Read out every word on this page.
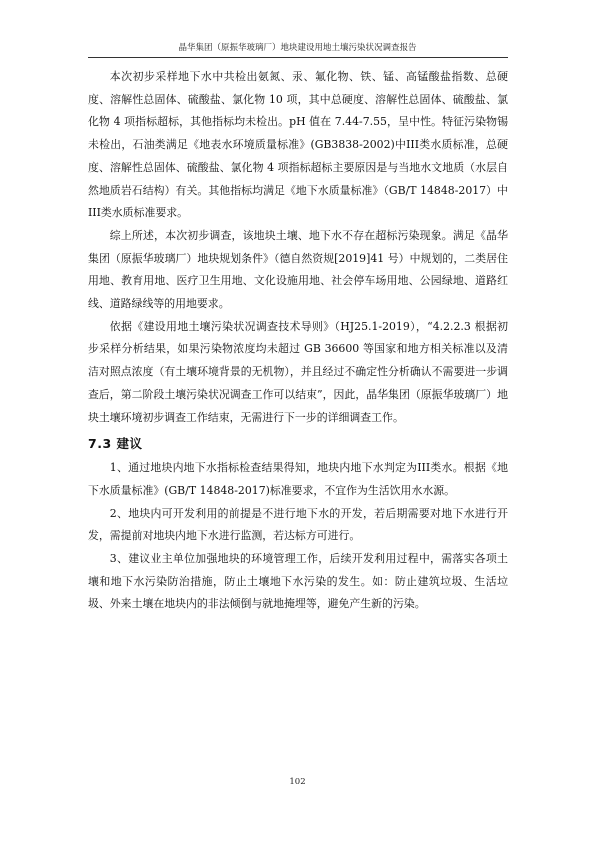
晶华集团（原振华玻璃厂）地块建设用地土壤污染状况调查报告

本次初步采样地下水中共检出氨氮、汞、氟化物、铁、锰、高锰酸盐指数、总硬度、溶解性总固体、硫酸盐、氯化物 10 项，其中总硬度、溶解性总固体、硫酸盐、氯化物 4 项指标超标，其他指标均未检出。pH 值在 7.44-7.55，呈中性。特征污染物锡未检出，石油类满足《地表水环境质量标准》(GB3838-2002)中III类水质标准，总硬度、溶解性总固体、硫酸盐、氯化物 4 项指标超标主要原因是与当地水文地质（水层自然地质岩石结构）有关。其他指标均满足《地下水质量标准》（GB/T 14848-2017）中III类水质标准要求。

综上所述，本次初步调查，该地块土壤、地下水不存在超标污染现象。满足《晶华集团（原振华玻璃厂）地块规划条件》（德自然资规[2019]41 号）中规划的，二类居住用地、教育用地、医疗卫生用地、文化设施用地、社会停车场用地、公园绿地、道路红线、道路绿线等的用地要求。

依据《建设用地土壤污染状况调查技术导则》（HJ25.1-2019），“4.2.2.3 根据初步采样分析结果，如果污染物浓度均未超过 GB 36600 等国家和地方相关标准以及清洁对照点浓度（有土壤环境背景的无机物），并且经过不确定性分析确认不需要进一步调查后，第二阶段土壤污染状况调查工作可以结束”，因此，晶华集团（原振华玻璃厂）地块土壤环境初步调查工作结束，无需进行下一步的详细调查工作。

7.3 建议

1、通过地块内地下水指标检查结果得知，地块内地下水判定为III类水。根据《地下水质量标准》(GB/T 14848-2017)标准要求，不宜作为生活饮用水水源。

2、地块内可开发利用的前提是不进行地下水的开发，若后期需要对地下水进行开发，需提前对地块内地下水进行监测，若达标方可进行。

3、建议业主单位加强地块的环境管理工作，后续开发利用过程中，需落实各项土壤和地下水污染防治措施，防止土壤地下水污染的发生。如：防止建筑垃圾、生活垃圾、外来土壤在地块内的非法倾倒与就地掩埋等，避免产生新的污染。

102
